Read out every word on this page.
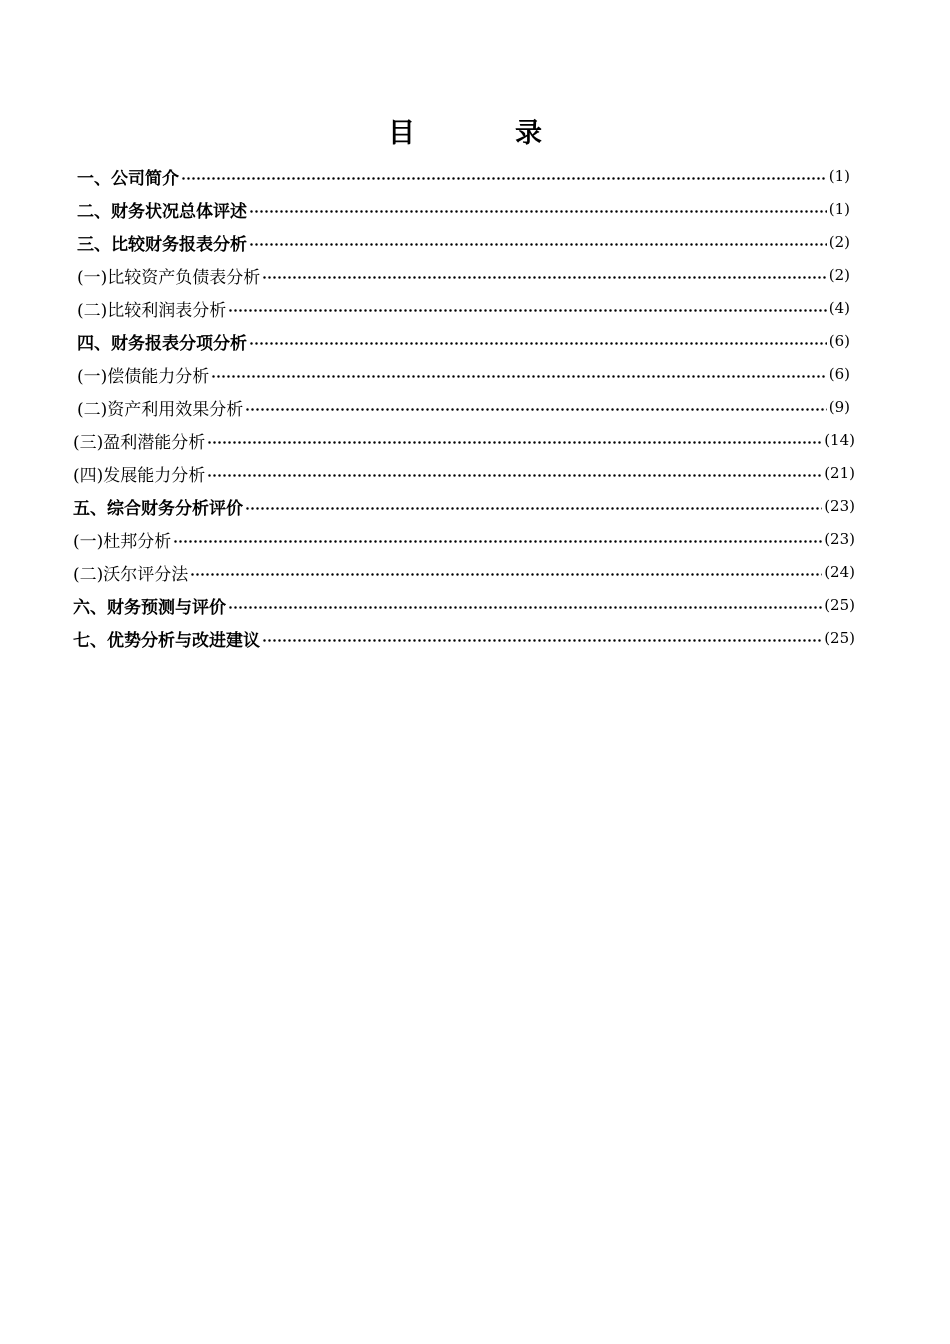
目	录
一、公司简介	(1)
二、财务状况总体评述	(1)
三、比较财务报表分析	(2)
(一)比较资产负债表分析	(2)
(二)比较利润表分析	(4)
四、财务报表分项分析	(6)
(一)偿债能力分析	(6)
(二)资产利用效果分析	(9)
(三)盈利潜能分析	(14)
(四)发展能力分析	(21)
五、综合财务分析评价	(23)
(一)杜邦分析	(23)
(二)沃尔评分法	(24)
六、财务预测与评价	(25)
七、优势分析与改进建议	(25)
